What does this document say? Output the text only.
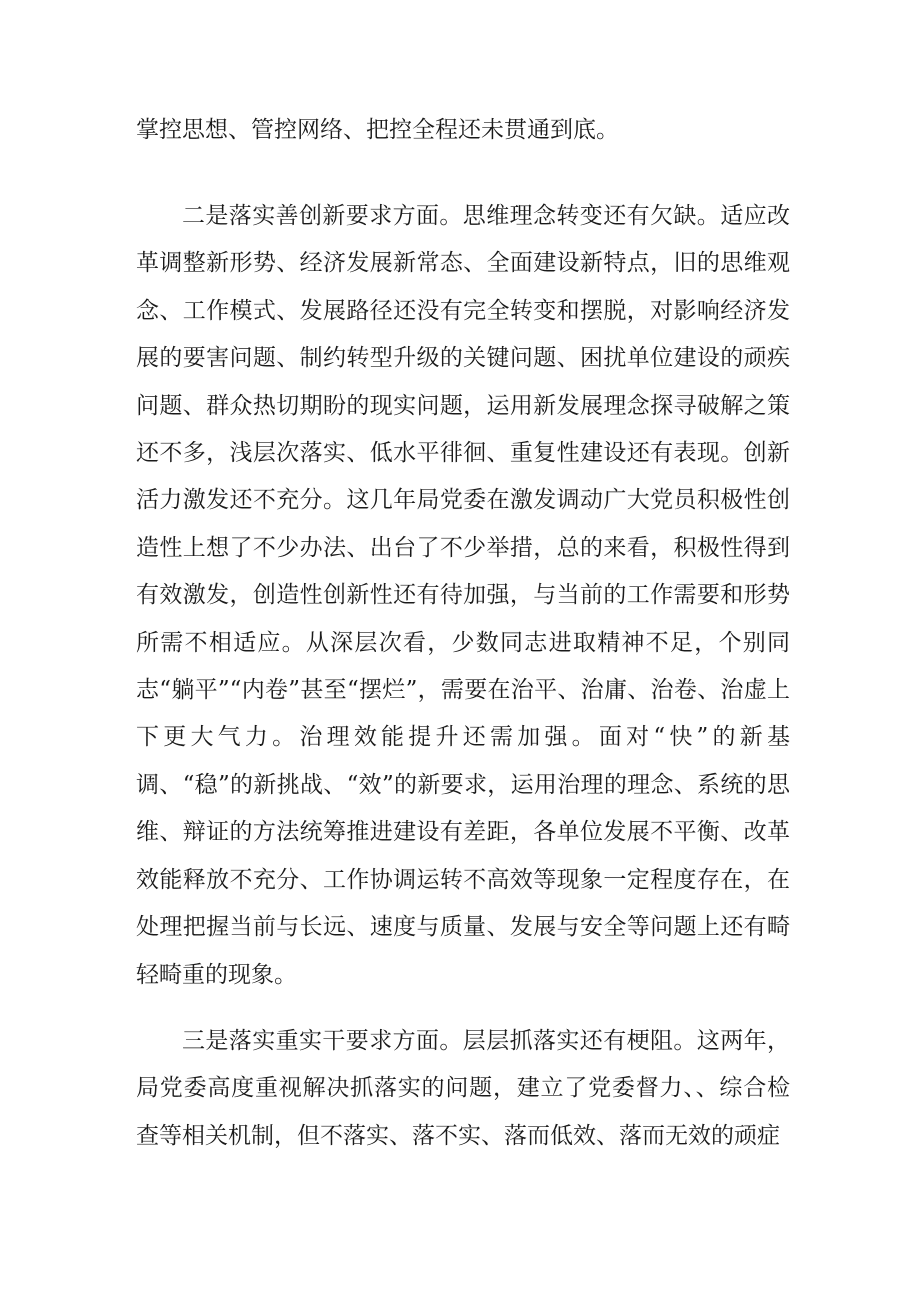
掌控思想、管控网络、把控全程还未贯通到底。

二是落实善创新要求方面。思维理念转变还有欠缺。适应改革调整新形势、经济发展新常态、全面建设新特点，旧的思维观念、工作模式、发展路径还没有完全转变和摆脱，对影响经济发展的要害问题、制约转型升级的关键问题、困扰单位建设的顽疾问题、群众热切期盼的现实问题，运用新发展理念探寻破解之策还不多，浅层次落实、低水平徘徊、重复性建设还有表现。创新活力激发还不充分。这几年局党委在激发调动广大党员积极性创造性上想了不少办法、出台了不少举措，总的来看，积极性得到有效激发，创造性创新性还有待加强，与当前的工作需要和形势所需不相适应。从深层次看，少数同志进取精神不足，个别同志“躺平”“内卷”甚至“摆烂”，需要在治平、治庸、治卷、治虚上下更大气力。治理效能提升还需加强。面对“快”的新基调、“稳”的新挑战、“效”的新要求，运用治理的理念、系统的思维、辩证的方法统筹推进建设有差距，各单位发展不平衡、改革效能释放不充分、工作协调运转不高效等现象一定程度存在，在处理把握当前与长远、速度与质量、发展与安全等问题上还有畸轻畸重的现象。

三是落实重实干要求方面。层层抓落实还有梗阻。这两年，局党委高度重视解决抓落实的问题，建立了党委督力、、综合检查等相关机制，但不落实、落不实、落而低效、落而无效的顽症
